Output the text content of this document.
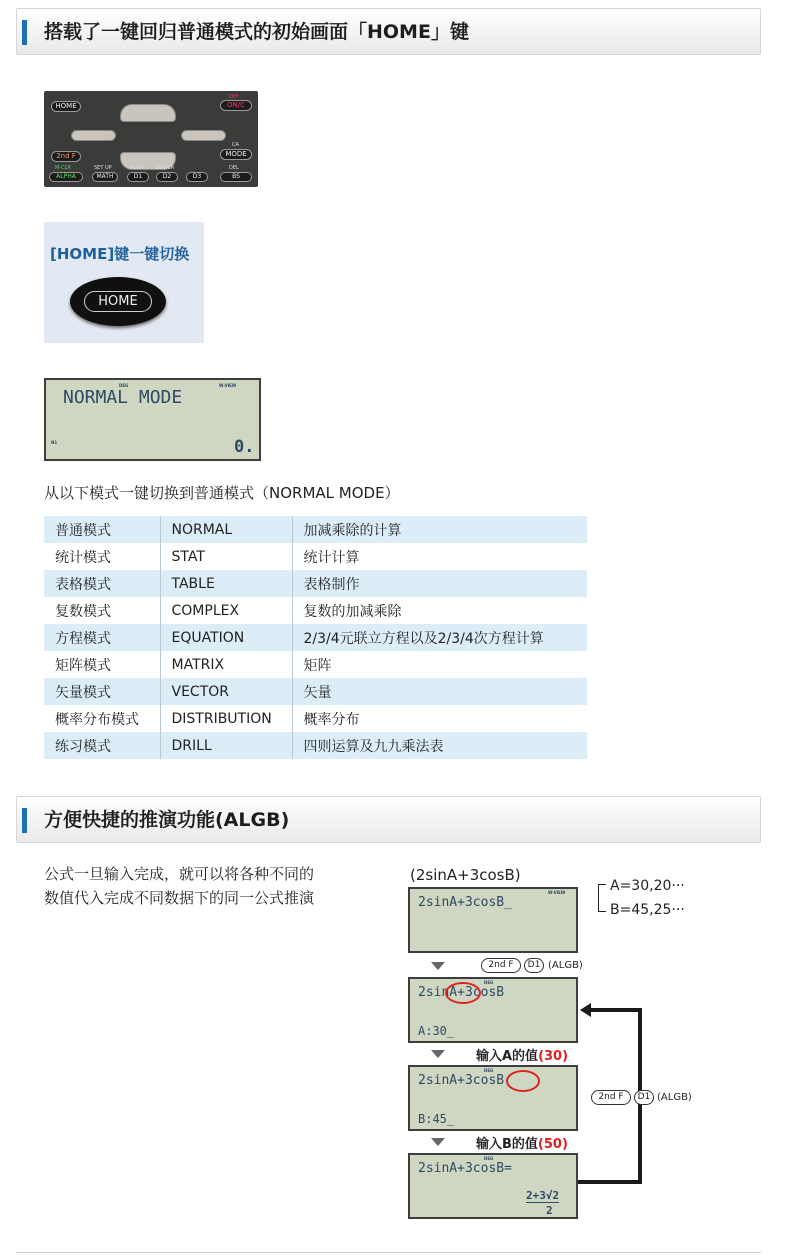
搭载了一键回归普通模式的初始画面「HOME」键
HOME
OFF
ON/C
2nd F
CA
MODE
M-CLR
ALPHA
SET UP
MATH
ALGB
D1
SOLVER
D2	D3
DEL
BS
[HOME]键一键切换
HOME
DEG	W-VIEW
NORMAL MODE
N1	0.
从以下模式一键切换到普通模式（NORMAL MODE）
普通模式	NORMAL	加减乘除的计算
统计模式	STAT	统计计算
表格模式	TABLE	表格制作
复数模式	COMPLEX	复数的加减乘除
方程模式	EQUATION	2/3/4元联立方程以及2/3/4次方程计算
矩阵模式	MATRIX	矩阵
矢量模式	VECTOR	矢量
概率分布模式	DISTRIBUTION	概率分布
练习模式	DRILL	四则运算及九九乘法表
方便快捷的推演功能(ALGB)
公式一旦输入完成，就可以将各种不同的
数值代入完成不同数据下的同一公式推演
(2sinA+3cosB)
A=30,20···
B=45,25···
W-VIEW
2sinA+3cosB_
2nd F	D1 (ALGB)
DEG
2sinA+3cosB
A:30_
输入A的值(30)
DEG
2sinA+3cosB
B:45_
输入B的值(50)
DEG
2sinA+3cosB=
2+3√2
2
2nd F	D1 (ALGB)
